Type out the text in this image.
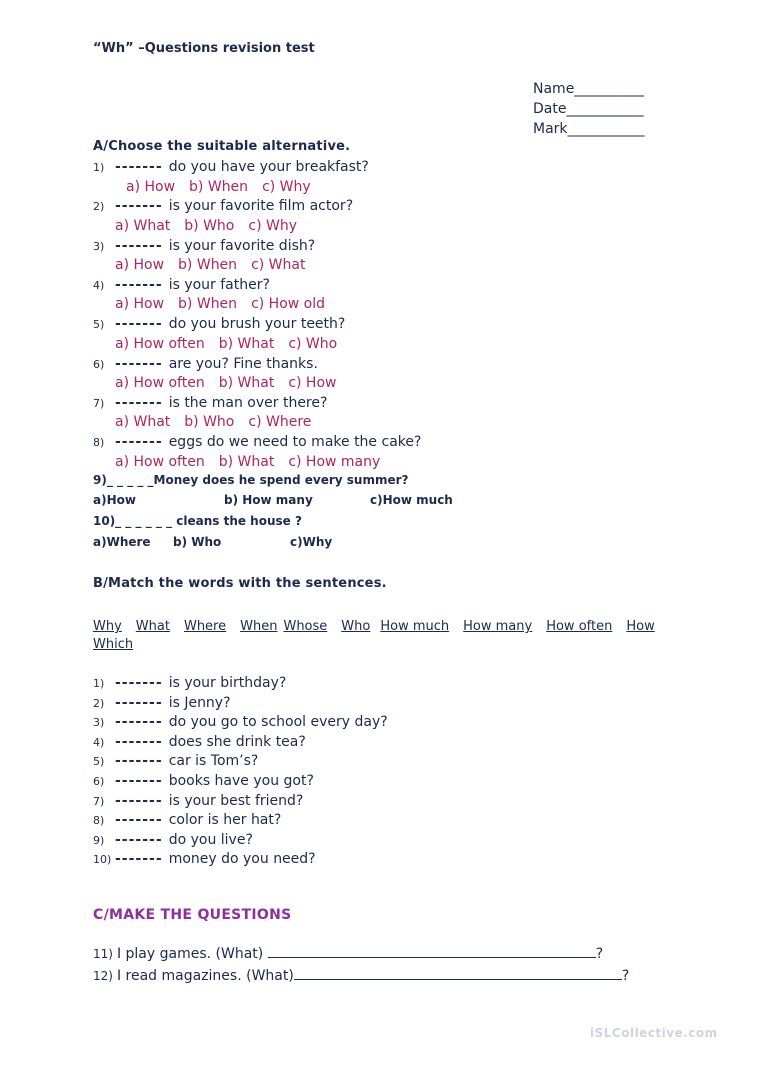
“Wh” –Questions revision test
Name__________
Date___________
Mark___________
A/Choose the suitable alternative.
1) ------- do you have your breakfast?
a) How b) When c) Why
2) ------- is your favorite film actor?
a) What b) Who c) Why
3) ------- is your favorite dish?
a) How b) When c) What
4) ------- is your father?
a) How b) When c) How old
5) ------- do you brush your teeth?
a) How often b) What c) Who
6) ------- are you? Fine thanks.
a) How often b) What c) How
7) ------- is the man over there?
a) What b) Who c) Where
8) ------- eggs do we need to make the cake?
a) How often b) What c) How many
9)_ _ _ _ _Money does he spend every summer?
a)How	b) How many	c)How much
10)_ _ _ _ _ _ cleans the house ?
a)Where b) Who	c)Why
B/Match the words with the sentences.
Why What Where When Whose Who How much How many How often How
Which
1) ------- is your birthday?
2) ------- is Jenny?
3) ------- do you go to school every day?
4) ------- does she drink tea?
5) ------- car is Tom’s?
6) ------- books have you got?
7) ------- is your best friend?
8) ------- color is her hat?
9) ------- do you live?
10) ------- money do you need?
C/MAKE THE QUESTIONS
11) I play games. (What)	?
12) I read magazines. (What)	?
iSLCollective.com
